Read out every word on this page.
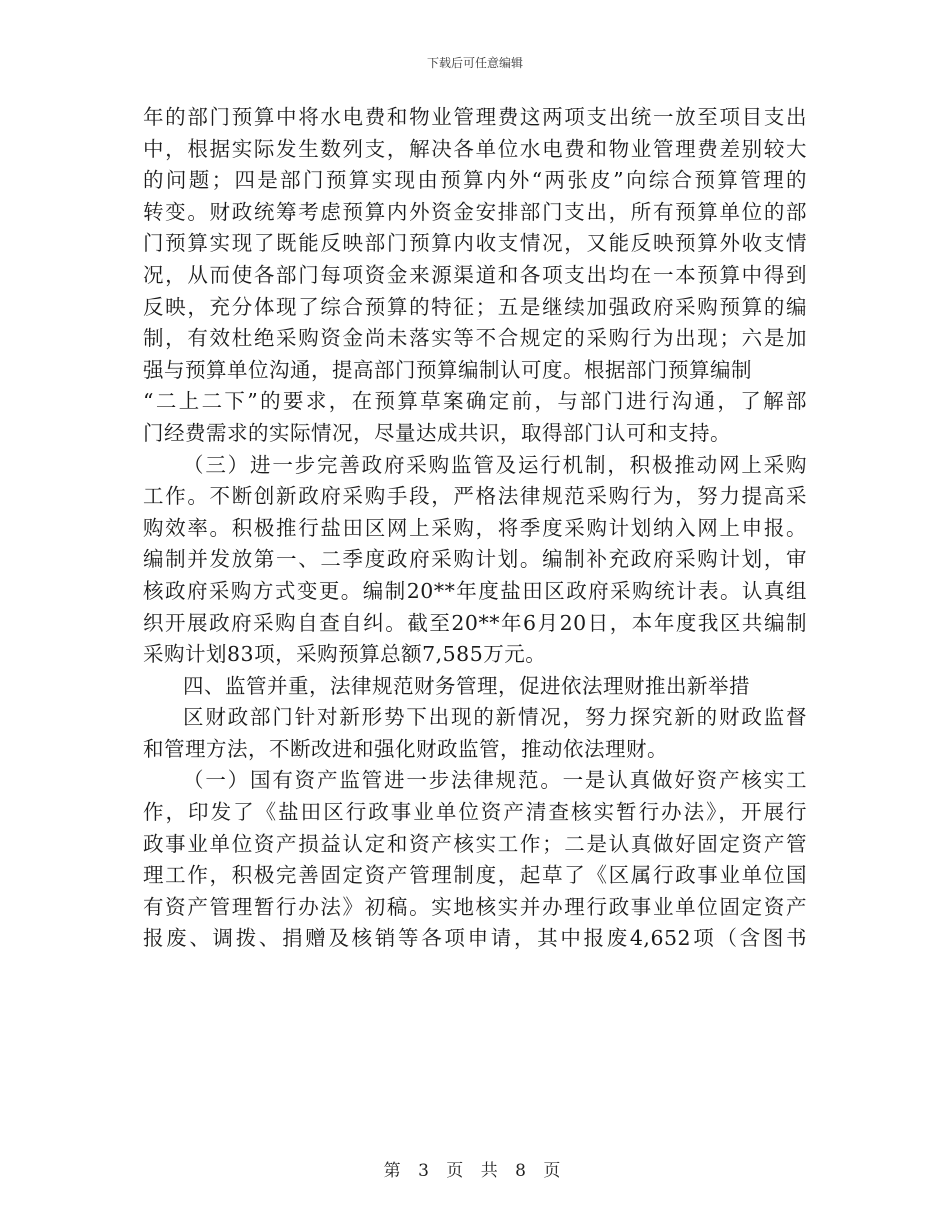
下载后可任意编辑
年的部门预算中将水电费和物业管理费这两项支出统一放至项目支出
中，根据实际发生数列支，解决各单位水电费和物业管理费差别较大
的问题；四是部门预算实现由预算内外“两张皮”向综合预算管理的
转变。财政统筹考虑预算内外资金安排部门支出，所有预算单位的部
门预算实现了既能反映部门预算内收支情况，又能反映预算外收支情
况，从而使各部门每项资金来源渠道和各项支出均在一本预算中得到
反映，充分体现了综合预算的特征；五是继续加强政府采购预算的编
制，有效杜绝采购资金尚未落实等不合规定的采购行为出现；六是加
强与预算单位沟通，提高部门预算编制认可度。根据部门预算编制
“二上二下”的要求，在预算草案确定前，与部门进行沟通，了解部
门经费需求的实际情况，尽量达成共识，取得部门认可和支持。
（三）进一步完善政府采购监管及运行机制，积极推动网上采购
工作。不断创新政府采购手段，严格法律规范采购行为，努力提高采
购效率。积极推行盐田区网上采购，将季度采购计划纳入网上申报。
编制并发放第一、二季度政府采购计划。编制补充政府采购计划，审
核政府采购方式变更。编制20**年度盐田区政府采购统计表。认真组
织开展政府采购自查自纠。截至20**年6月20日，本年度我区共编制
采购计划83项，采购预算总额7,585万元。
四、监管并重，法律规范财务管理，促进依法理财推出新举措
区财政部门针对新形势下出现的新情况，努力探究新的财政监督
和管理方法，不断改进和强化财政监管，推动依法理财。
（一）国有资产监管进一步法律规范。一是认真做好资产核实工
作，印发了《盐田区行政事业单位资产清查核实暂行办法》，开展行
政事业单位资产损益认定和资产核实工作；二是认真做好固定资产管
理工作，积极完善固定资产管理制度，起草了《区属行政事业单位国
有资产管理暂行办法》初稿。实地核实并办理行政事业单位固定资产
报废、调拨、捐赠及核销等各项申请，其中报废4,652项（含图书
第 3 页 共 8 页
